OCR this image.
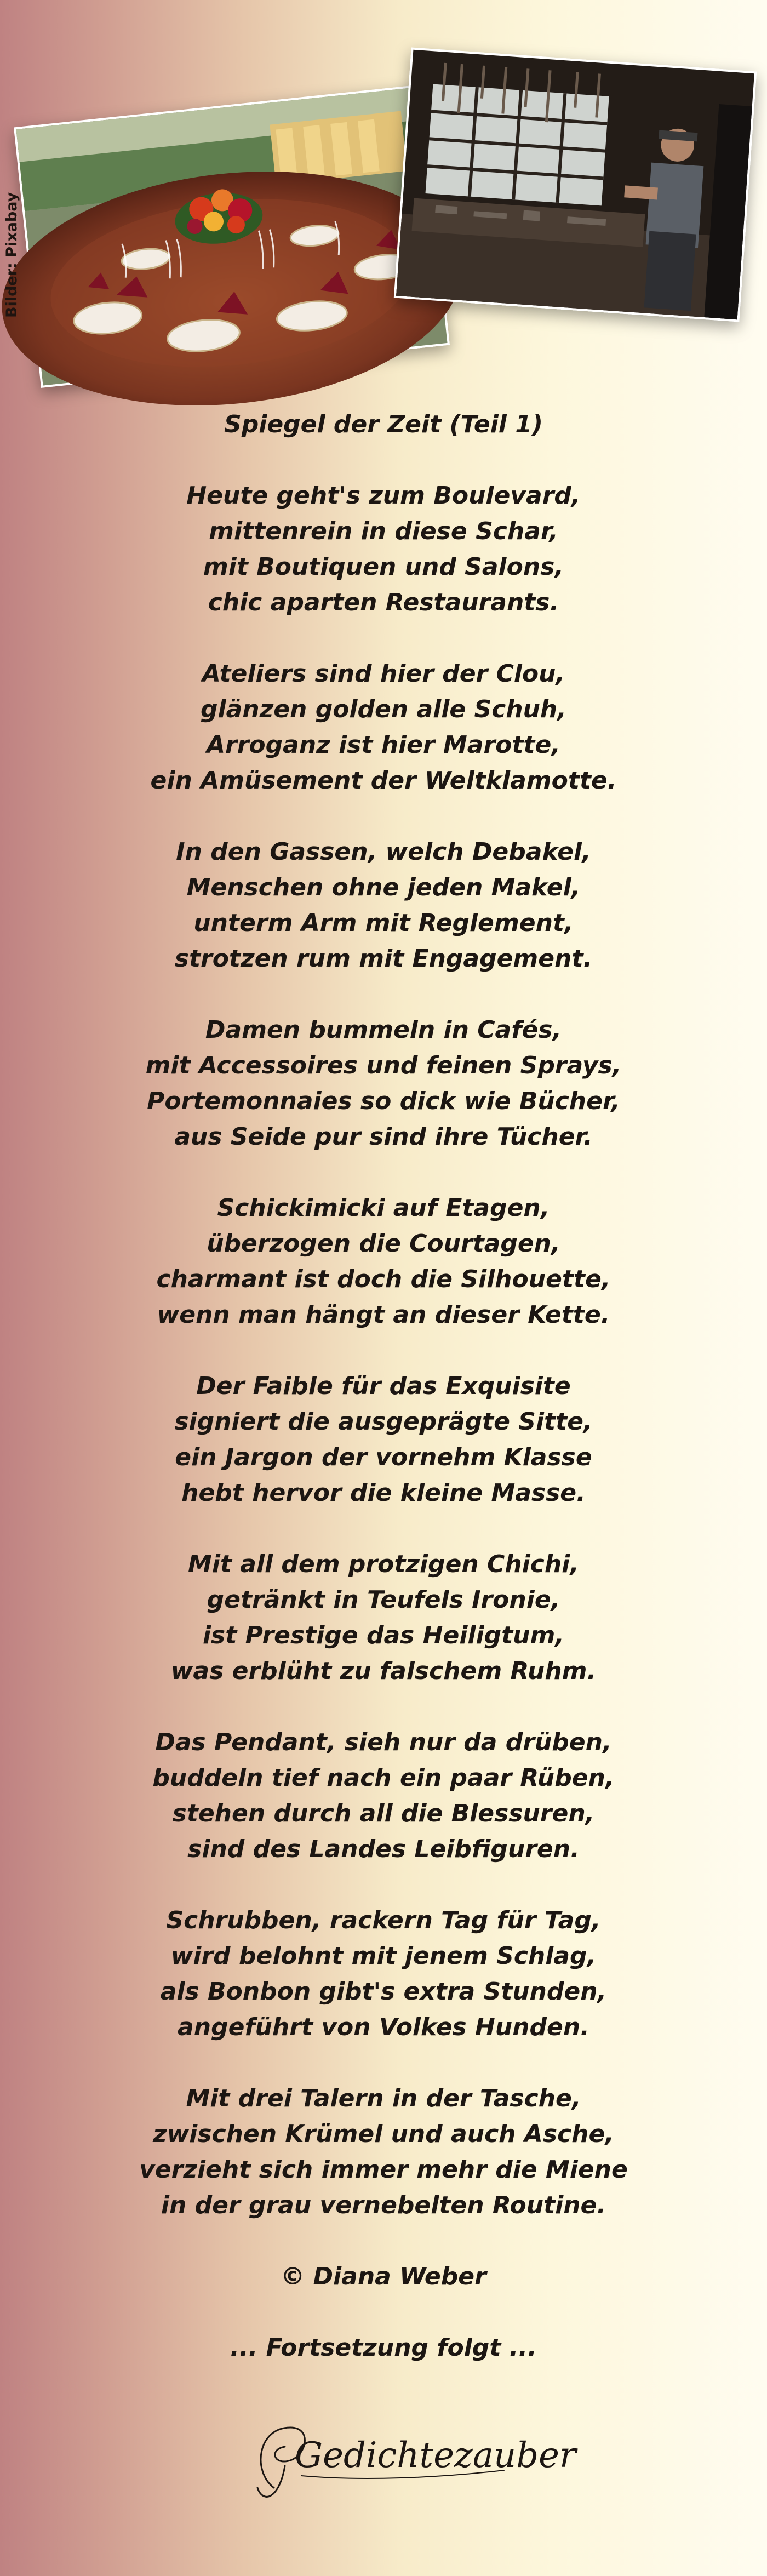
Bilder: Pixabay
Spiegel der Zeit (Teil 1)
Heute geht's zum Boulevard,
mittenrein in diese Schar,
mit Boutiquen und Salons,
chic aparten Restaurants.
Ateliers sind hier der Clou,
glänzen golden alle Schuh,
Arroganz ist hier Marotte,
ein Amüsement der Weltklamotte.
In den Gassen, welch Debakel,
Menschen ohne jeden Makel,
unterm Arm mit Reglement,
strotzen rum mit Engagement.
Damen bummeln in Cafés,
mit Accessoires und feinen Sprays,
Portemonnaies so dick wie Bücher,
aus Seide pur sind ihre Tücher.
Schickimicki auf Etagen,
überzogen die Courtagen,
charmant ist doch die Silhouette,
wenn man hängt an dieser Kette.
Der Faible für das Exquisite
signiert die ausgeprägte Sitte,
ein Jargon der vornehm Klasse
hebt hervor die kleine Masse.
Mit all dem protzigen Chichi,
getränkt in Teufels Ironie,
ist Prestige das Heiligtum,
was erblüht zu falschem Ruhm.
Das Pendant, sieh nur da drüben,
buddeln tief nach ein paar Rüben,
stehen durch all die Blessuren,
sind des Landes Leibfiguren.
Schrubben, rackern Tag für Tag,
wird belohnt mit jenem Schlag,
als Bonbon gibt's extra Stunden,
angeführt von Volkes Hunden.
Mit drei Talern in der Tasche,
zwischen Krümel und auch Asche,
verzieht sich immer mehr die Miene
in der grau vernebelten Routine.
© Diana Weber
... Fortsetzung folgt ...
Gedichtezauber
